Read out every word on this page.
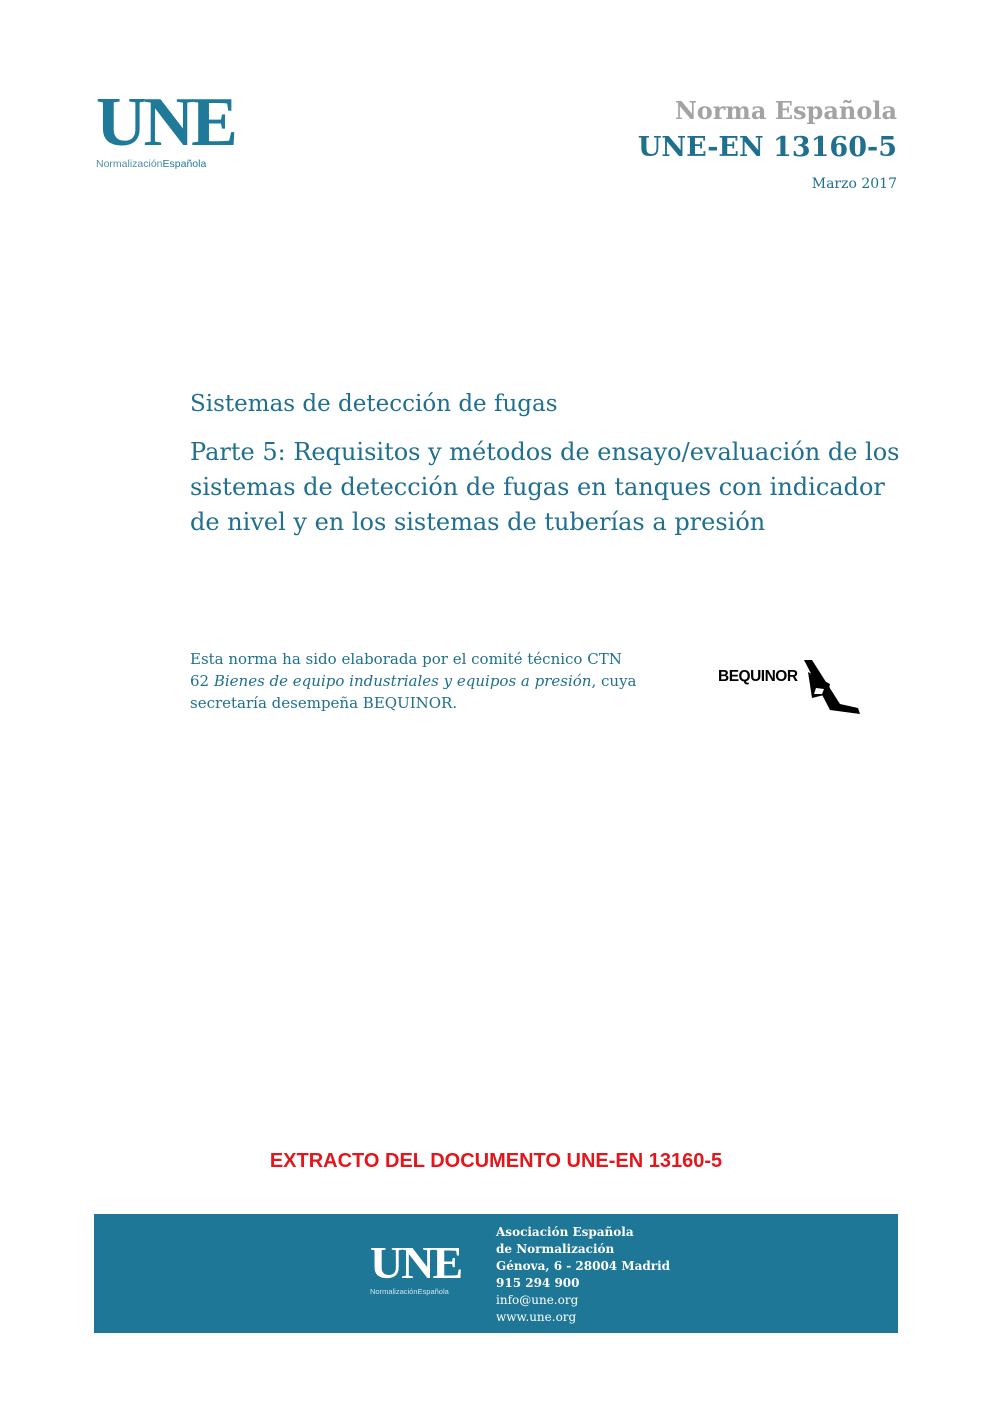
UNE
NormalizaciónEspañola
Norma Española
UNE-EN 13160-5
Marzo 2017
Sistemas de detección de fugas
Parte 5: Requisitos y métodos de ensayo/evaluación de los sistemas de detección de fugas en tanques con indicador de nivel y en los sistemas de tuberías a presión
Esta norma ha sido elaborada por el comité técnico CTN 62 Bienes de equipo industriales y equipos a presión, cuya secretaría desempeña BEQUINOR.
BEQUINOR
EXTRACTO DEL DOCUMENTO UNE-EN 13160-5
UNE
NormalizaciónEspañola
Asociación Española
de Normalización
Génova, 6 - 28004 Madrid
915 294 900
info@une.org
www.une.org
